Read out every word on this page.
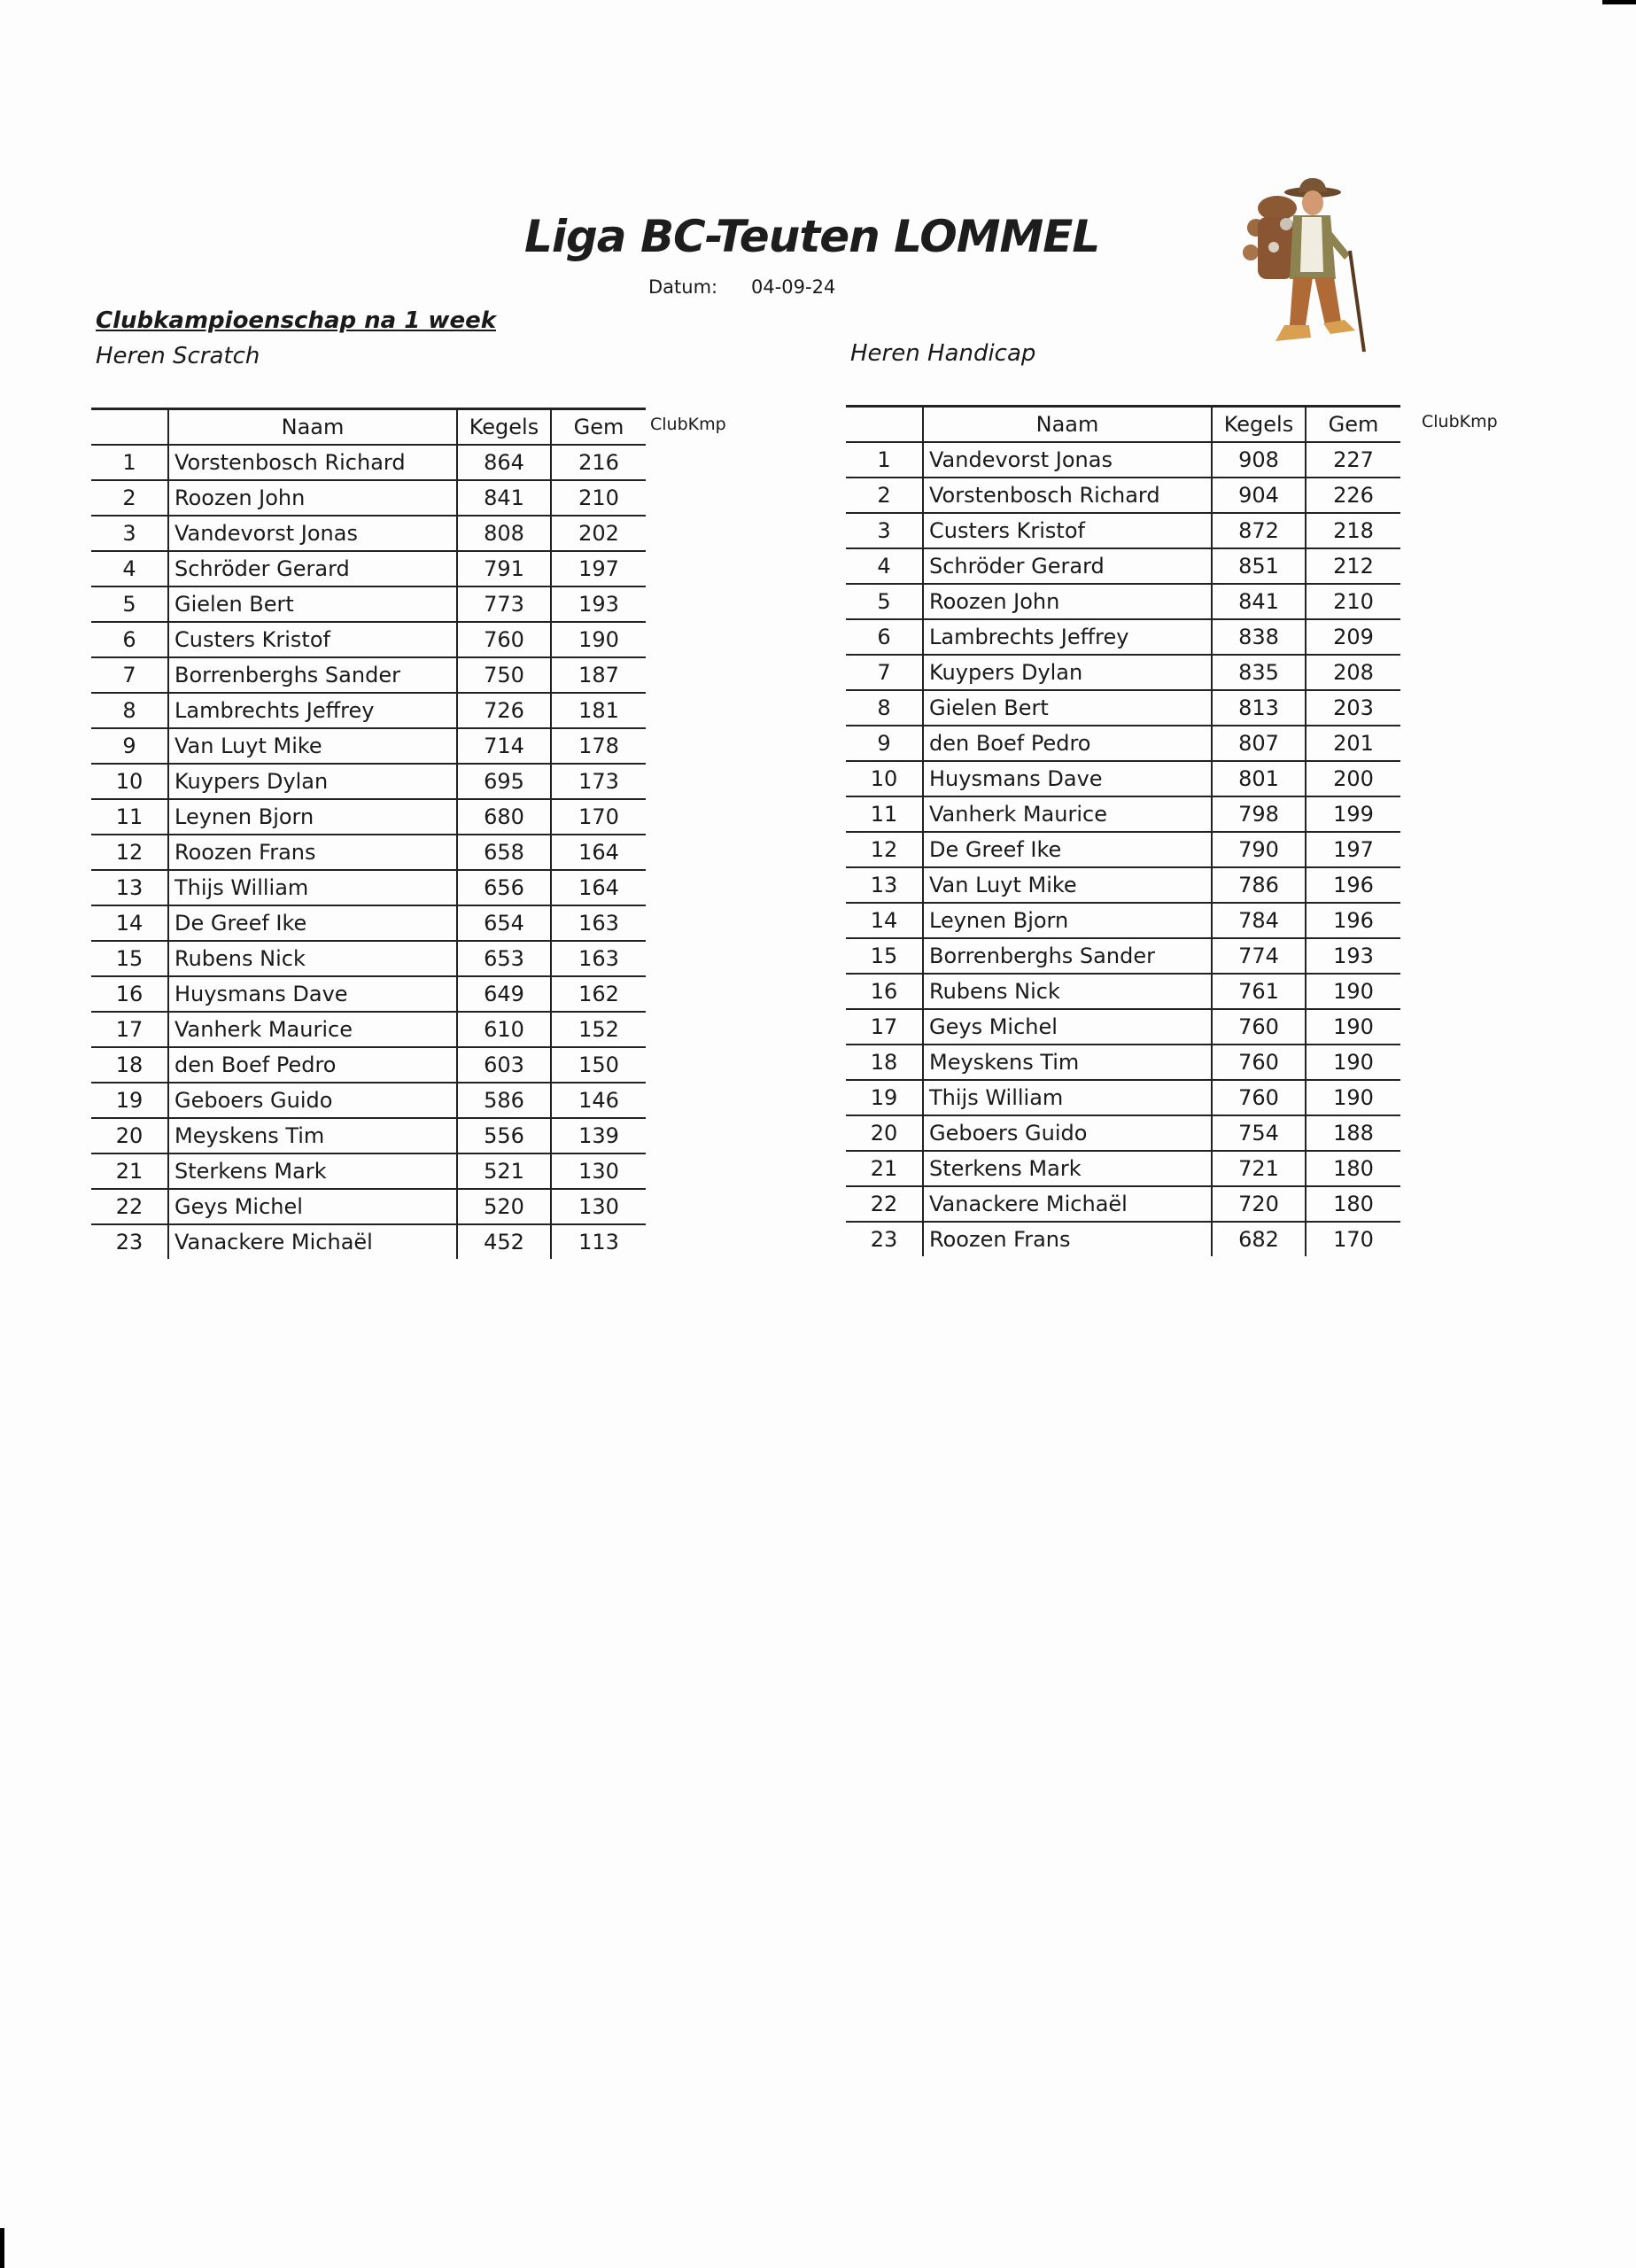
Liga BC-Teuten LOMMEL
Datum: 04-09-24
Clubkampioenschap na 1 week
Heren Scratch	Heren Handicap
ClubKmp	ClubKmp
	Naam	Kegels	Gem
1	Vorstenbosch Richard	864	216
2	Roozen John	841	210
3	Vandevorst Jonas	808	202
4	Schröder Gerard	791	197
5	Gielen Bert	773	193
6	Custers Kristof	760	190
7	Borrenberghs Sander	750	187
8	Lambrechts Jeffrey	726	181
9	Van Luyt Mike	714	178
10	Kuypers Dylan	695	173
11	Leynen Bjorn	680	170
12	Roozen Frans	658	164
13	Thijs William	656	164
14	De Greef Ike	654	163
15	Rubens Nick	653	163
16	Huysmans Dave	649	162
17	Vanherk Maurice	610	152
18	den Boef Pedro	603	150
19	Geboers Guido	586	146
20	Meyskens Tim	556	139
21	Sterkens Mark	521	130
22	Geys Michel	520	130
23	Vanackere Michaël	452	113
	Naam	Kegels	Gem
1	Vandevorst Jonas	908	227
2	Vorstenbosch Richard	904	226
3	Custers Kristof	872	218
4	Schröder Gerard	851	212
5	Roozen John	841	210
6	Lambrechts Jeffrey	838	209
7	Kuypers Dylan	835	208
8	Gielen Bert	813	203
9	den Boef Pedro	807	201
10	Huysmans Dave	801	200
11	Vanherk Maurice	798	199
12	De Greef Ike	790	197
13	Van Luyt Mike	786	196
14	Leynen Bjorn	784	196
15	Borrenberghs Sander	774	193
16	Rubens Nick	761	190
17	Geys Michel	760	190
18	Meyskens Tim	760	190
19	Thijs William	760	190
20	Geboers Guido	754	188
21	Sterkens Mark	721	180
22	Vanackere Michaël	720	180
23	Roozen Frans	682	170
